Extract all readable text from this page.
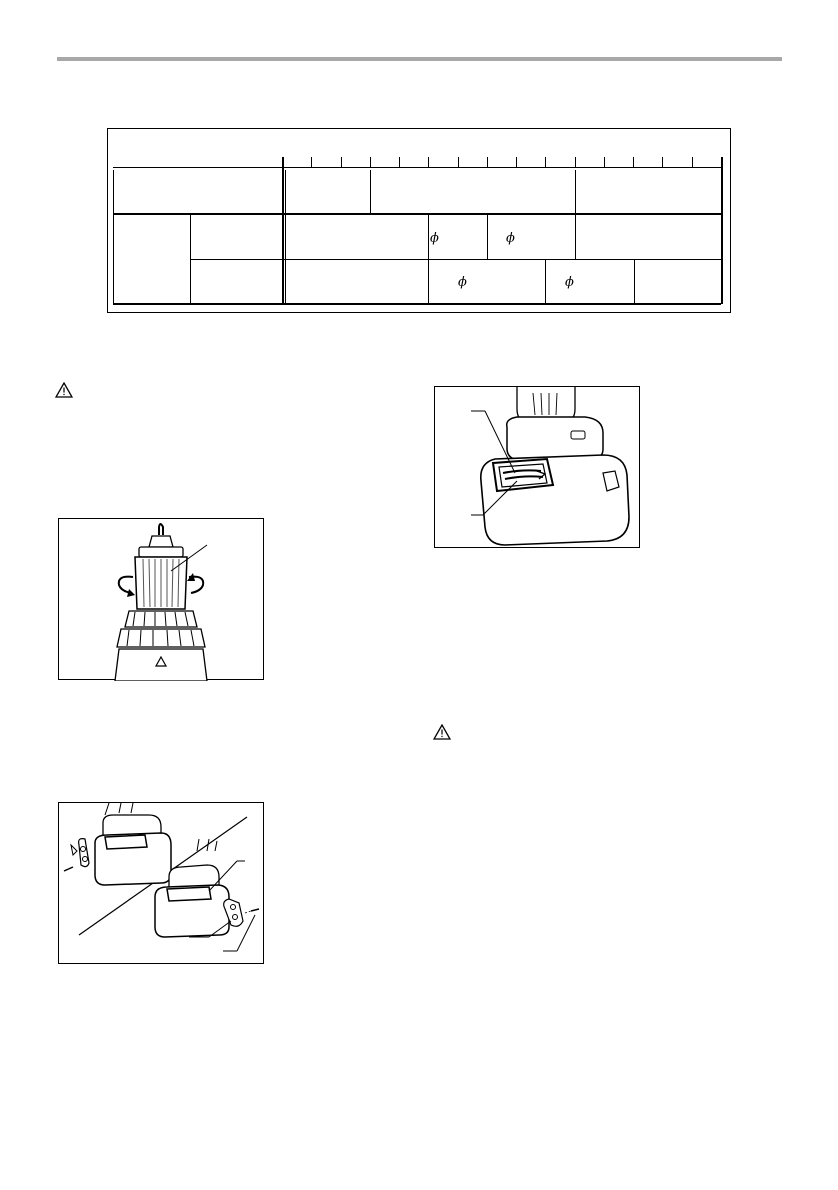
ϕ	ϕ
ϕ	ϕ
